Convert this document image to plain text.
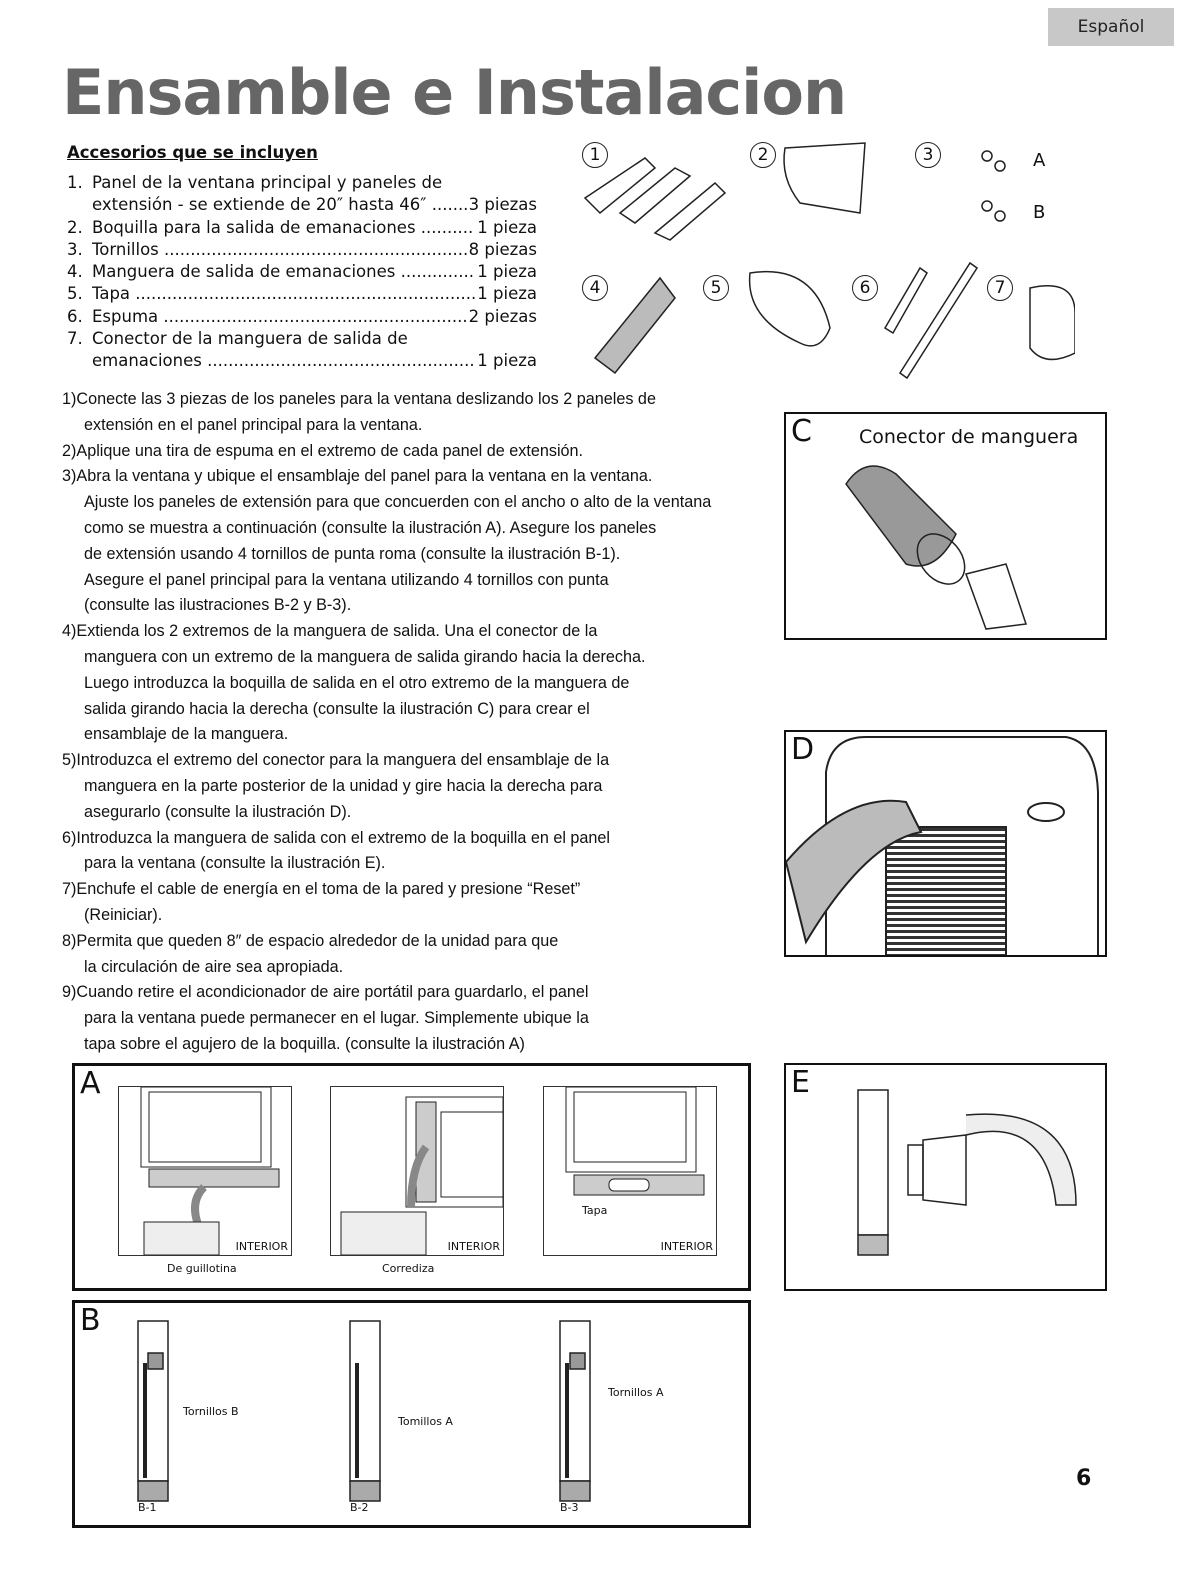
Español
Ensamble e Instalacion
Accesorios que se incluyen
1. Panel de la ventana principal y paneles de
extensión - se extiende de 20″ hasta 46″ .....	3 piezas
2. Boquilla para la salida de emanaciones .....	1 pieza
3. Tornillos .....	8 piezas
4. Manguera de salida de emanaciones .....	1 pieza
5. Tapa .....	1 pieza
6. Espuma .....	2 piezas
7. Conector de la manguera de salida de
emanaciones .....	1 pieza
1	2	3
4	5	6	7
A
B
1)Conecte las 3 piezas de los paneles para la ventana deslizando los 2 paneles de
extensión en el panel principal para la ventana.
2)Aplique una tira de espuma en el extremo de cada panel de extensión.
3)Abra la ventana y ubique el ensamblaje del panel para la ventana en la ventana.
Ajuste los paneles de extensión para que concuerden con el ancho o alto de la ventana
como se muestra a continuación (consulte la ilustración A). Asegure los paneles
de extensión usando 4 tornillos de punta roma (consulte la ilustración B-1).
Asegure el panel principal para la ventana utilizando 4 tornillos con punta
(consulte las ilustraciones B-2 y B-3).
4)Extienda los 2 extremos de la manguera de salida. Una el conector de la
manguera con un extremo de la manguera de salida girando hacia la derecha.
Luego introduzca la boquilla de salida en el otro extremo de la manguera de
salida girando hacia la derecha (consulte la ilustración C) para crear el
ensamblaje de la manguera.
5)Introduzca el extremo del conector para la manguera del ensamblaje de la
manguera en la parte posterior de la unidad y gire hacia la derecha para
asegurarlo (consulte la ilustración D).
6)Introduzca la manguera de salida con el extremo de la boquilla en el panel
para la ventana (consulte la ilustración E).
7)Enchufe el cable de energía en el toma de la pared y presione “Reset”
(Reiniciar).
8)Permita que queden 8″ de espacio alrededor de la unidad para que
la circulación de aire sea apropiada.
9)Cuando retire el acondicionador de aire portátil para guardarlo, el panel
para la ventana puede permanecer en el lugar. Simplemente ubique la
tapa sobre el agujero de la boquilla. (consulte la ilustración A)
C Conector de manguera
D
A
INTERIOR	INTERIOR
Tapa
INTERIOR
De guillotina	Corrediza
E
B
Tornillos B
Tomillos A
Tornillos A
B-1	B-2	B-3
6
